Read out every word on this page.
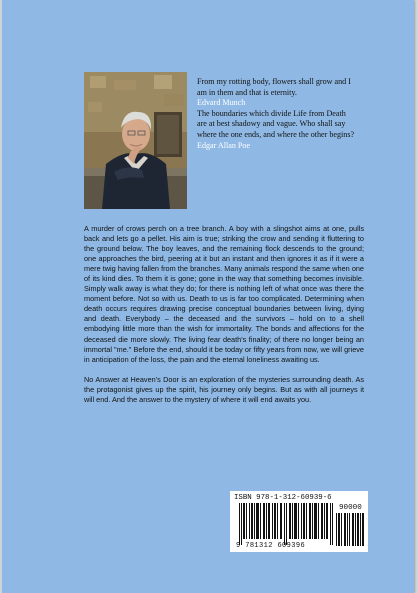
From my rotting body, flowers shall grow and I am in them and that is eternity.

Edvard Munch

The boundaries which divide Life from Death are at best shadowy and vague. Who shall say where the one ends, and where the other begins?

Edgar Allan Poe

A murder of crows perch on a tree branch. A boy with a slingshot aims at one, pulls back and lets go a pellet. His aim is true; striking the crow and sending it fluttering to the ground below. The boy leaves, and the remaining flock descends to the ground; one approaches the bird, peering at it but an instant and then ignores it as if it were a mere twig having fallen from the branches. Many animals respond the same when one of its kind dies. To them it is gone; gone in the way that something becomes invisible. Simply walk away is what they do; for there is nothing left of what once was there the moment before. Not so with us. Death to us is far too complicated. Determining when death occurs requires drawing precise conceptual boundaries between living, dying and death. Everybody – the deceased and the survivors – hold on to a shell embodying little more than the wish for immortality. The bonds and affections for the deceased die more slowly. The living fear death's finality; of there no longer being an immortal "me." Before the end, should it be today or fifty years from now, we will grieve in anticipation of the loss, the pain and the eternal loneliness awaiting us.

No Answer at Heaven's Door is an exploration of the mysteries surrounding death. As the protagonist gives up the spirit, his journey only begins. But as with all journeys it will end. And the answer to the mystery of where it will end awaits you.

ISBN 978-1-312-60939-6
90000
9 781312 609396
